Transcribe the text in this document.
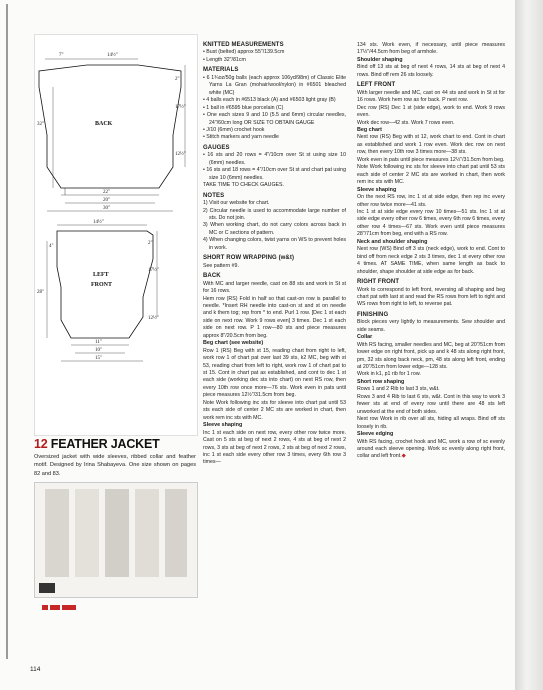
7"	14½"
2"
17½"
32"	BACK
12½"
22"
20"
30"
14½"
4"
2"
17½"
28"
LEFT
FRONT
12½"
11"
10"
15"
12 FEATHER JACKET
Oversized jacket with wide sleeves, ribbed collar and feather motif. Designed by Irina Shabayeva. One size shown on pages 82 and 83.
114
KNITTED MEASUREMENTS
• Bust (belted) approx 55"/139.5cm
• Length 32"/81cm
MATERIALS
• 6 1¾oz/50g balls (each approx 106yd/98m) of Classic Elite Yarns La Gran (mohair/wool/nylon) in #6501 bleached white (MC)
• 4 balls each in #6513 black (A) and #6503 light gray (B)
• 1 ball in #6595 blue porcelain (C)
• One each sizes 9 and 10 (5.5 and 6mm) circular needles, 24"/60cm long OR SIZE TO OBTAIN GAUGE
• J/10 (6mm) crochet hook
• Stitch markers and yarn needle
GAUGES
• 16 sts and 20 rows = 4"/10cm over St st using size 10 (6mm) needles.
• 16 sts and 18 rows = 4"/10cm over St st and chart pat using size 10 (6mm) needles.
TAKE TIME TO CHECK GAUGES.
NOTES
1) Visit our website for chart.
2) Circular needle is used to accommodate large number of sts. Do not join.
3) When working chart, do not carry colors across back in MC or C sections of pattern.
4) When changing colors, twist yarns on WS to prevent holes in work.
SHORT ROW WRAPPING (w&t)
See pattern #9.
BACK
With MC and larger needle, cast on 88 sts and work in St st for 16 rows.
Hem row (RS) Fold in half so that cast-on row is parallel to needle. *Insert RH needle into cast-on st and st on needle and k them tog; rep from * to end. Purl 1 row. [Dec 1 st each side on next row. Work 9 rows even] 3 times. Dec 1 st each side on next row. P 1 row—80 sts and piece measures approx 8"/20.5cm from beg.
Beg chart (see website)
Row 1 (RS) Beg with st 15, reading chart from right to left, work row 1 of chart pat over last 39 sts, k2 MC, beg with st 53, reading chart from left to right, work row 1 of chart pat to st 15. Cont in chart pat as established, and cont to dec 1 st each side (working dec sts into chart) on next RS row, then every 10th row once more—76 sts. Work even in pats until piece measures 12½"/31.5cm from beg.
Note Work following inc sts for sleeve into chart pat until 53 sts each side of center 2 MC sts are worked in chart, then work rem inc sts with MC.
Sleeve shaping
Inc 1 st each side on next row, every other row twice more. Cast on 5 sts at beg of next 2 rows, 4 sts at beg of next 2 rows, 3 sts at beg of next 2 rows, 2 sts at beg of next 2 rows, inc 1 st each side every other row 3 times, every 6th row 3 times—
134 sts. Work even, if necessary, until piece measures 17½"/44.5cm from beg of armhole.
Shoulder shaping
Bind off 13 sts at beg of next 4 rows, 14 sts at beg of next 4 rows. Bind off rem 26 sts loosely.
LEFT FRONT
With larger needle and MC, cast on 44 sts and work in St st for 16 rows. Work hem row as for back. P next row.
Dec row (RS) Dec 1 st (side edge), work to end. Work 9 rows even.
Work dec row—42 sts. Work 7 rows even.
Beg chart
Next row (RS) Beg with st 12, work chart to end. Cont in chart as established and work 1 row even. Work dec row on next row, then every 10th row 3 times more—38 sts.
Work even in pats until piece measures 12½"/31.5cm from beg.
Note Work following inc sts for sleeve into chart pat until 53 sts each side of center 2 MC sts are worked in chart, then work rem inc sts with MC.
Sleeve shaping
On the next RS row, inc 1 st at side edge, then rep inc every other row twice more—41 sts.
Inc 1 st at side edge every row 10 times—51 sts. Inc 1 st at side edge every other row 6 times, every 6th row 6 times, every other row 4 times—67 sts. Work even until piece measures 28"/71cm from beg, end with a RS row.
Neck and shoulder shaping
Next row (WS) Bind off 3 sts (neck edge), work to end. Cont to bind off from neck edge 2 sts 3 times, dec 1 st every other row 4 times. AT SAME TIME, when same length as back to shoulder, shape shoulder at side edge as for back.
RIGHT FRONT
Work to correspond to left front, reversing all shaping and beg chart pat with last st and read the RS rows from left to right and WS rows from right to left, to reverse pat.
FINISHING
Block pieces very lightly to measurements. Sew shoulder and side seams.
Collar
With RS facing, smaller needles and MC, beg at 20"/51cm from lower edge on right front, pick up and k 48 sts along right front, pm, 32 sts along back neck, pm, 48 sts along left front, ending at 20"/51cm from lower edge—128 sts.
Work in k1, p1 rib for 1 row.
Short row shaping
Rows 1 and 2 Rib to last 3 sts, w&t.
Rows 3 and 4 Rib to last 6 sts, w&t. Cont in this way to work 3 fewer sts at end of every row until there are 48 sts left unworked at the end of both sides.
Next row Work in rib over all sts, hiding all wraps. Bind off sts loosely in rib.
Sleeve edging
With RS facing, crochet hook and MC, work a row of sc evenly around each sleeve opening. Work sc evenly along right front, collar and left front.◆
